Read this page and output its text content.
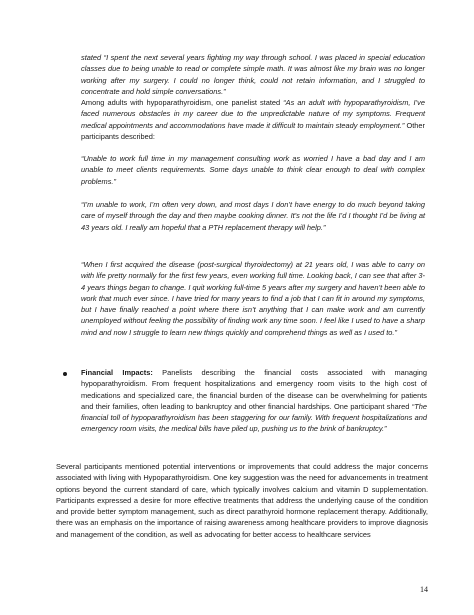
stated “I spent the next several years fighting my way through school. I was placed in special education classes due to being unable to read or complete simple math. It was almost like my brain was no longer working after my surgery. I could no longer think, could not retain information, and I struggled to concentrate and hold simple conversations.”

Among adults with hypoparathyroidism, one panelist stated “As an adult with hypoparathyroidism, I’ve faced numerous obstacles in my career due to the unpredictable nature of my symptoms. Frequent medical appointments and accommodations have made it difficult to maintain steady employment.” Other participants described:

“Unable to work full time in my management consulting work as worried I have a bad day and I am unable to meet clients requirements. Some days unable to think clear enough to deal with complex problems.”

“I’m unable to work, I’m often very down, and most days I don’t have energy to do much beyond taking care of myself through the day and then maybe cooking dinner. It’s not the life I’d I thought I’d be living at 43 years old. I really am hopeful that a PTH replacement therapy will help.”

“When I first acquired the disease (post-surgical thyroidectomy) at 21 years old, I was able to carry on with life pretty normally for the first few years, even working full time. Looking back, I can see that after 3-4 years things began to change. I quit working full-time 5 years after my surgery and haven’t been able to work that much ever since. I have tried for many years to find a job that I can fit in around my symptoms, but I have finally reached a point where there isn’t anything that I can make work and am currently unemployed without feeling the possibility of finding work any time soon. I feel like I used to have a sharp mind and now I struggle to learn new things quickly and comprehend things as well as I used to.”

Financial Impacts: Panelists describing the financial costs associated with managing hypoparathyroidism. From frequent hospitalizations and emergency room visits to the high cost of medications and specialized care, the financial burden of the disease can be overwhelming for patients and their families, often leading to bankruptcy and other financial hardships. One participant shared “The financial toll of hypoparathyroidism has been staggering for our family. With frequent hospitalizations and emergency room visits, the medical bills have piled up, pushing us to the brink of bankruptcy.”

Several participants mentioned potential interventions or improvements that could address the major concerns associated with living with Hypoparathyroidism. One key suggestion was the need for advancements in treatment options beyond the current standard of care, which typically involves calcium and vitamin D supplementation. Participants expressed a desire for more effective treatments that address the underlying cause of the condition and provide better symptom management, such as direct parathyroid hormone replacement therapy. Additionally, there was an emphasis on the importance of raising awareness among healthcare providers to improve diagnosis and management of the condition, as well as advocating for better access to healthcare services

14
